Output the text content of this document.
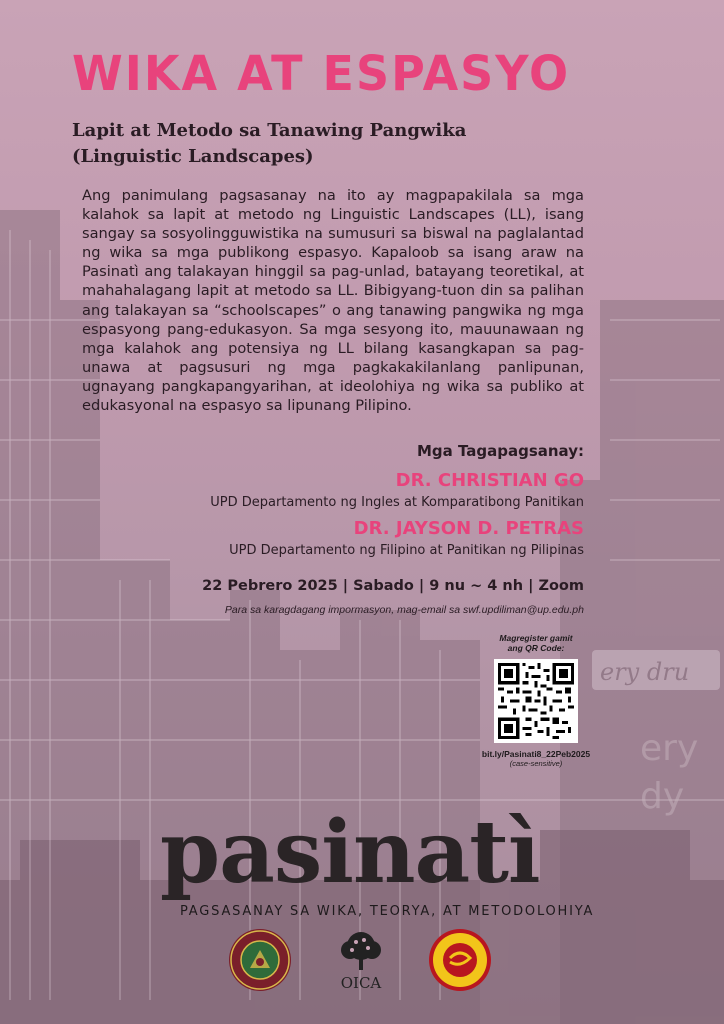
ery dru
ery
dy
WIKA AT ESPASYO
Lapit at Metodo sa Tanawing Pangwika
(Linguistic Landscapes)

Ang panimulang pagsasanay na ito ay magpapakilala sa mga kalahok sa lapit at metodo ng Linguistic Landscapes (LL), isang sangay sa sosyolingguwistika na sumusuri sa biswal na paglalantad ng wika sa mga publikong espasyo. Kapaloob sa isang araw na Pasinatì ang talakayan hinggil sa pag-unlad, batayang teoretikal, at mahahalagang lapit at metodo sa LL. Bibigyang-tuon din sa palihan ang talakayan sa “schoolscapes” o ang tanawing pangwika ng mga espasyong pang-edukasyon. Sa mga sesyong ito, mauunawaan ng mga kalahok ang potensiya ng LL bilang kasangkapan sa pag-unawa at pagsusuri ng mga pagkakakilanlang panlipunan, ugnayang pangkapangyarihan, at ideolohiya ng wika sa publiko at edukasyonal na espasyo sa lipunang Pilipino.

Mga Tagapagsanay:

DR. CHRISTIAN GO

UPD Departamento ng Ingles at Komparatibong Panitikan

DR. JAYSON D. PETRAS

UPD Departamento ng Filipino at Panitikan ng Pilipinas

22 Pebrero 2025 | Sabado | 9 nu ~ 4 nh | Zoom

Para sa karagdagang impormasyon, mag-email sa swf.updiliman@up.edu.ph

Magregister gamit
ang QR Code:

bit.ly/Pasinati8_22Peb2025

(case-sensitive)

pasinatì

PAGSASANAY SA WIKA, TEORYA, AT METODOLOHIYA

OICA
